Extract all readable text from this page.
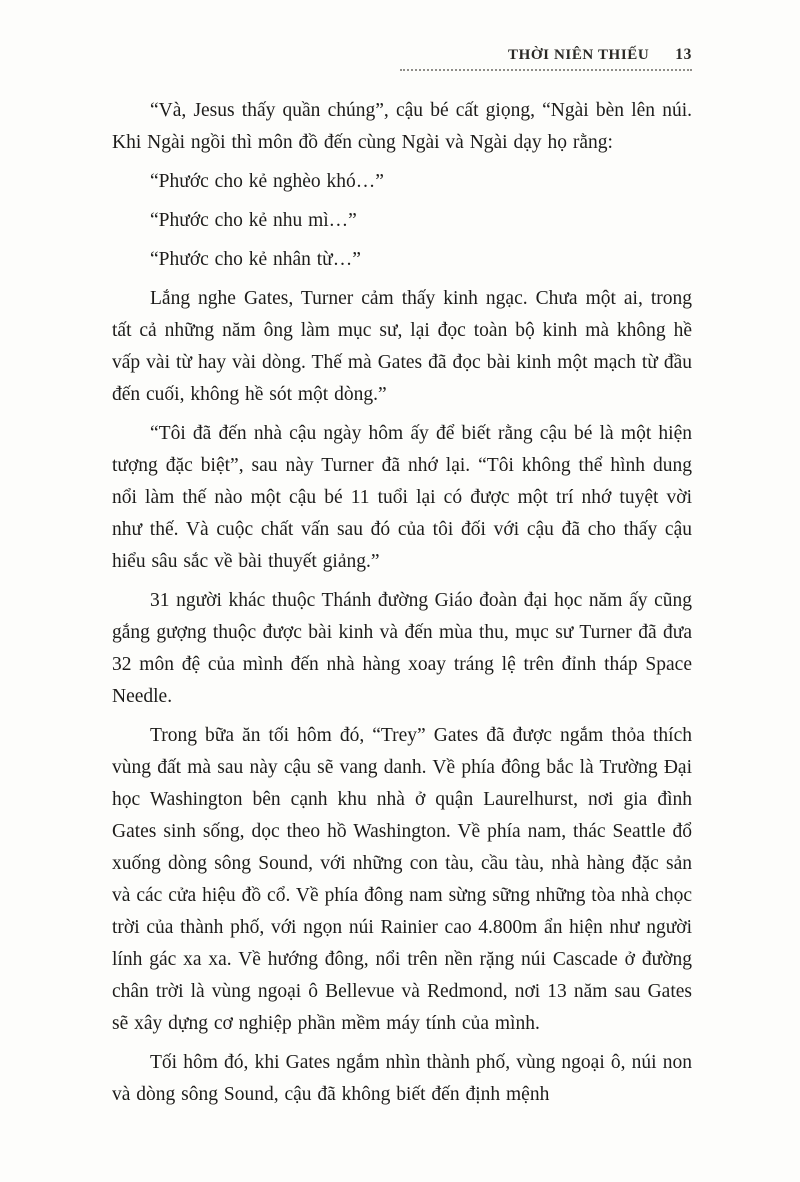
THỜI NIÊN THIẾU 13

“Và, Jesus thấy quần chúng”, cậu bé cất giọng, “Ngài bèn lên núi. Khi Ngài ngồi thì môn đồ đến cùng Ngài và Ngài dạy họ rằng:

“Phước cho kẻ nghèo khó…”

“Phước cho kẻ nhu mì…”

“Phước cho kẻ nhân từ…”

Lắng nghe Gates, Turner cảm thấy kinh ngạc. Chưa một ai, trong tất cả những năm ông làm mục sư, lại đọc toàn bộ kinh mà không hề vấp vài từ hay vài dòng. Thế mà Gates đã đọc bài kinh một mạch từ đầu đến cuối, không hề sót một dòng.”

“Tôi đã đến nhà cậu ngày hôm ấy để biết rằng cậu bé là một hiện tượng đặc biệt”, sau này Turner đã nhớ lại. “Tôi không thể hình dung nổi làm thế nào một cậu bé 11 tuổi lại có được một trí nhớ tuyệt vời như thế. Và cuộc chất vấn sau đó của tôi đối với cậu đã cho thấy cậu hiểu sâu sắc về bài thuyết giảng.”

31 người khác thuộc Thánh đường Giáo đoàn đại học năm ấy cũng gắng gượng thuộc được bài kinh và đến mùa thu, mục sư Turner đã đưa 32 môn đệ của mình đến nhà hàng xoay tráng lệ trên đỉnh tháp Space Needle.

Trong bữa ăn tối hôm đó, “Trey” Gates đã được ngắm thỏa thích vùng đất mà sau này cậu sẽ vang danh. Về phía đông bắc là Trường Đại học Washington bên cạnh khu nhà ở quận Laurelhurst, nơi gia đình Gates sinh sống, dọc theo hồ Washington. Về phía nam, thác Seattle đổ xuống dòng sông Sound, với những con tàu, cầu tàu, nhà hàng đặc sản và các cửa hiệu đồ cổ. Về phía đông nam sừng sững những tòa nhà chọc trời của thành phố, với ngọn núi Rainier cao 4.800m ẩn hiện như người lính gác xa xa. Về hướng đông, nổi trên nền rặng núi Cascade ở đường chân trời là vùng ngoại ô Bellevue và Redmond, nơi 13 năm sau Gates sẽ xây dựng cơ nghiệp phần mềm máy tính của mình.

Tối hôm đó, khi Gates ngắm nhìn thành phố, vùng ngoại ô, núi non và dòng sông Sound, cậu đã không biết đến định mệnh
